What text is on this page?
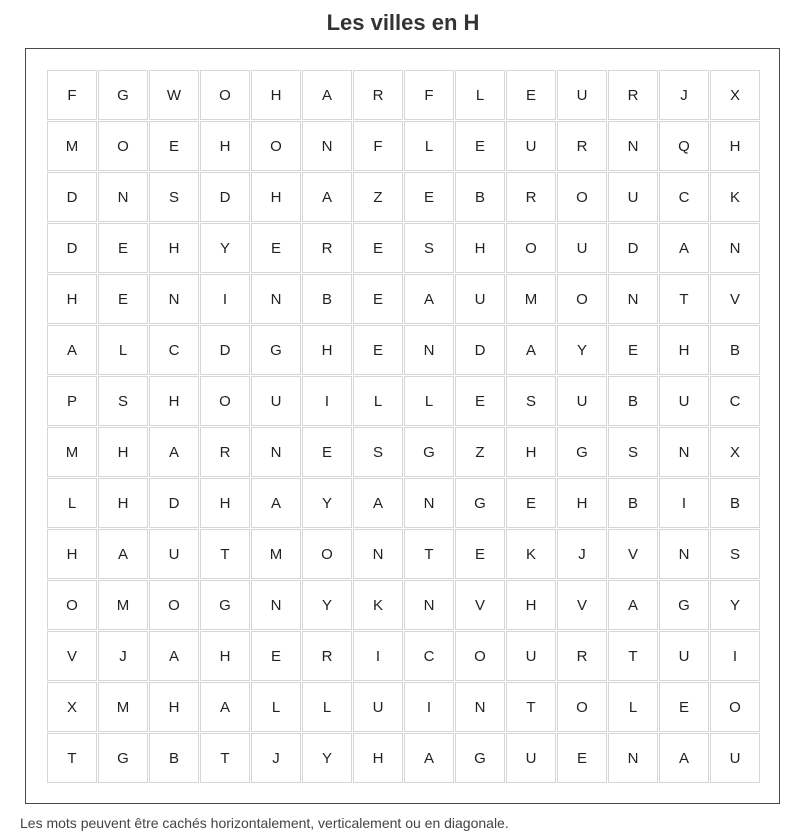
Les villes en H
F	G	W	O	H	A	R	F	L	E	U	R	J	X
M	O	E	H	O	N	F	L	E	U	R	N	Q	H
D	N	S	D	H	A	Z	E	B	R	O	U	C	K
D	E	H	Y	E	R	E	S	H	O	U	D	A	N
H	E	N	I	N	B	E	A	U	M	O	N	T	V
A	L	C	D	G	H	E	N	D	A	Y	E	H	B
P	S	H	O	U	I	L	L	E	S	U	B	U	C
M	H	A	R	N	E	S	G	Z	H	G	S	N	X
L	H	D	H	A	Y	A	N	G	E	H	B	I	B
H	A	U	T	M	O	N	T	E	K	J	V	N	S
O	M	O	G	N	Y	K	N	V	H	V	A	G	Y
V	J	A	H	E	R	I	C	O	U	R	T	U	I
X	M	H	A	L	L	U	I	N	T	O	L	E	O
T	G	B	T	J	Y	H	A	G	U	E	N	A	U
Les mots peuvent être cachés horizontalement, verticalement ou en diagonale.
